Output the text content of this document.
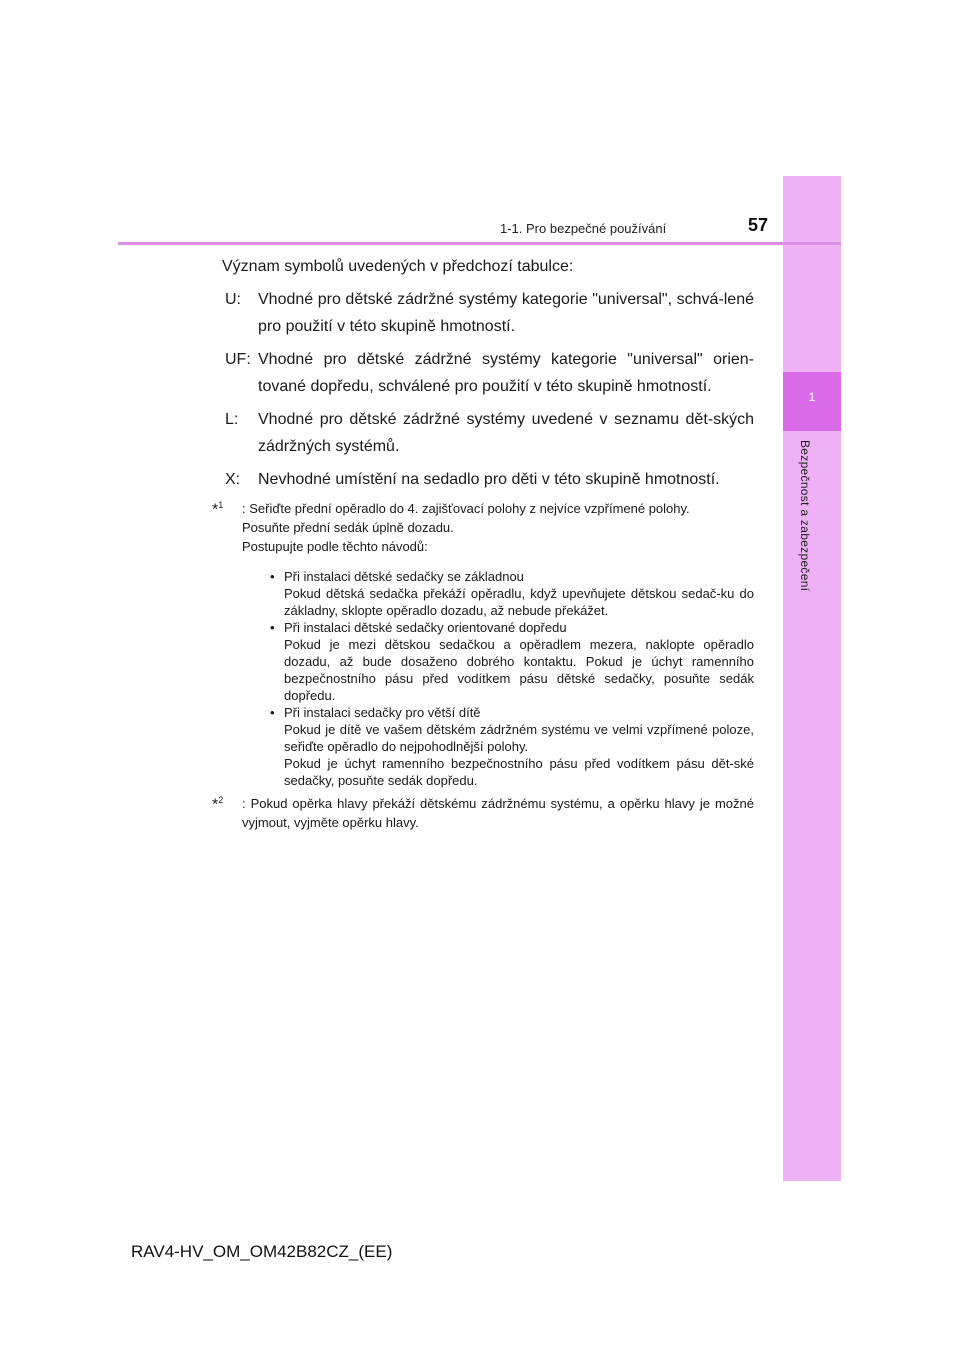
1
Bezpečnost a zabezpečení
1-1. Pro bezpečné používání	57

Význam symbolů uvedených v předchozí tabulce:

U: Vhodné pro dětské zádržné systémy kategorie "universal", schvá-lené pro použití v této skupině hmotností.
UF: Vhodné pro dětské zádržné systémy kategorie "universal" orien-tované dopředu, schválené pro použití v této skupině hmotností.
L: Vhodné pro dětské zádržné systémy uvedené v seznamu dět-ských zádržných systémů.
X: Nevhodné umístění na sedadlo pro děti v této skupině hmotností.
*$^1$ : Seřiďte přední opěradlo do 4. zajišťovací polohy z nejvíce vzpřímené polohy.

Posuňte přední sedák úplně dozadu.

Postupujte podle těchto návodů:

• Při instalaci dětské sedačky se základnou
Pokud dětská sedačka překáží opěradlu, když upevňujete dětskou sedač-ku do základny, sklopte opěradlo dozadu, až nebude překážet.
• Při instalaci dětské sedačky orientované dopředu
Pokud je mezi dětskou sedačkou a opěradlem mezera, naklopte opěradlo dozadu, až bude dosaženo dobrého kontaktu. Pokud je úchyt ramenního bezpečnostního pásu před vodítkem pásu dětské sedačky, posuňte sedák dopředu.
• Při instalaci sedačky pro větší dítě
Pokud je dítě ve vašem dětském zádržném systému ve velmi vzpřímené poloze, seřiďte opěradlo do nejpohodlnější polohy.
Pokud je úchyt ramenního bezpečnostního pásu před vodítkem pásu dět-ské sedačky, posuňte sedák dopředu.
*$^2$ : Pokud opěrka hlavy překáží dětskému zádržnému systému, a opěrku hlavy je možné vyjmout, vyjměte opěrku hlavy.

RAV4-HV_OM_OM42B82CZ_(EE)
